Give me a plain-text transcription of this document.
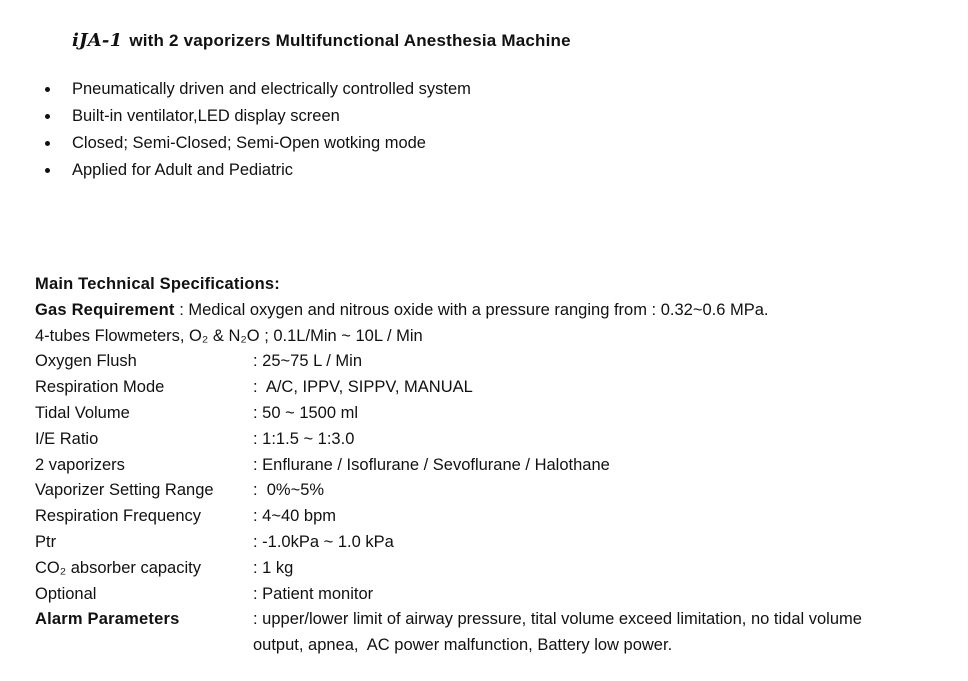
iJA-1 with 2 vaporizers Multifunctional Anesthesia Machine
Pneumatically driven and electrically controlled system
Built-in ventilator,LED display screen
Closed; Semi-Closed; Semi-Open wotking mode
Applied for Adult and Pediatric
Main Technical Specifications:
Gas Requirement : Medical oxygen and nitrous oxide with a pressure ranging from : 0.32~0.6 MPa.
4-tubes Flowmeters, O₂ & N₂O ; 0.1L/Min ~ 10L / Min
Oxygen Flush	: 25~75 L / Min
Respiration Mode	:  A/C, IPPV, SIPPV, MANUAL
Tidal Volume	: 50 ~ 1500 ml
I/E Ratio	: 1:1.5 ~ 1:3.0
2 vaporizers	: Enflurane / Isoflurane / Sevoflurane / Halothane
Vaporizer Setting Range	:  0%~5%
Respiration Frequency	: 4~40 bpm
Ptr	: -1.0kPa ~ 1.0 kPa
CO₂ absorber capacity	: 1 kg
Optional	: Patient monitor
Alarm Parameters	: upper/lower limit of airway pressure, tital volume exceed limitation, no tidal volume output, apnea,  AC power malfunction, Battery low power.
